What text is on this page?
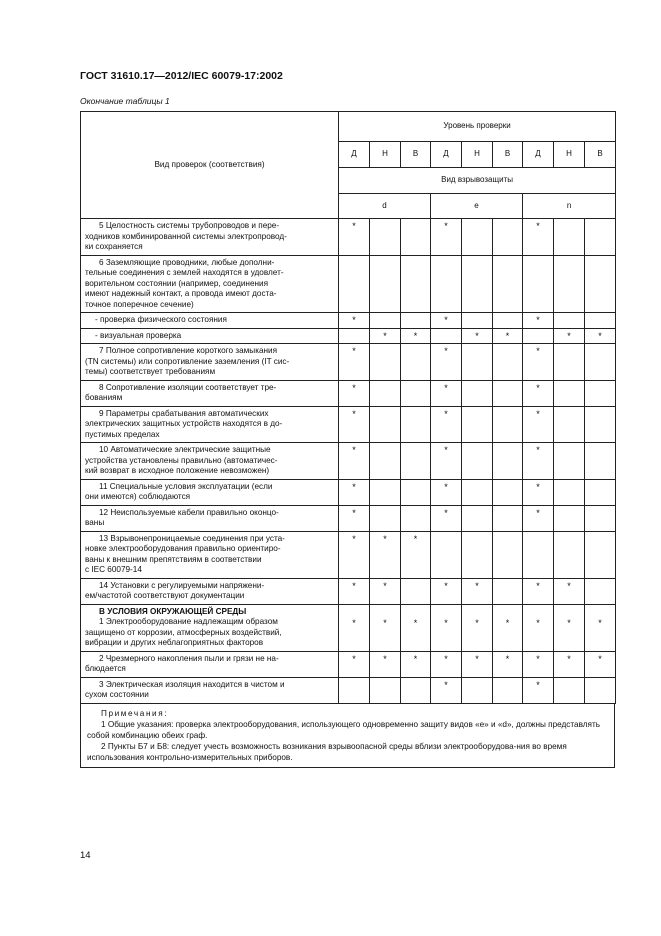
ГОСТ 31610.17—2012/IEC 60079-17:2002
Окончание таблицы 1
Вид проверок (соответствия)	Уровень проверки								
	Д	Н	В	Д	Н	В	Д	Н	В
	Вид взрывозащиты								
	d			e			n		

5 Целостность системы трубопроводов и пере-
ходников комбинированной системы электропровод-
ки сохраняется	*			*			*		

6 Заземляющие проводники, любые дополни-
тельные соединения с землей находятся в удовлет-
ворительном состоянии (например, соединения
имеют надежный контакт, а провода имеют доста-
точное поперечное сечение)									

- проверка физического состояния	*			*			*		

- визуальная проверка		*	*		*	*		*	*

7 Полное сопротивление короткого замыкания
(TN системы) или сопротивление заземления (IT сис-
темы) соответствует требованиям	*			*			*		

8 Сопротивление изоляции соответствует тре-
бованиям	*			*			*		

9 Параметры срабатывания автоматических
электрических защитных устройств находятся в до-
пустимых пределах	*			*			*		

10 Автоматические электрические защитные
устройства установлены правильно (автоматичес-
кий возврат в исходное положение невозможен)	*			*			*		

11 Специальные условия эксплуатации (если
они имеются) соблюдаются	*			*			*		

12 Неиспользуемые кабели правильно оконцо-
ваны	*			*			*		

13 Взрывонепроницаемые соединения при уста-
новке электрооборудования правильно ориентиро-
ваны к внешним препятствиям в соответствии
с IEC 60079-14	*	*	*						

14 Установки с регулируемыми напряжени-
ем/частотой соответствуют документации	*	*		*	*		*	*	

В УСЛОВИЯ ОКРУЖАЮЩЕЙ СРЕДЫ
1 Электрооборудование надлежащим образом
защищено от коррозии, атмосферных воздействий,
вибрации и других неблагоприятных факторов	*	*	*	*	*	*	*	*	*

2 Чрезмерного накопления пыли и грязи не на-
блюдается	*	*	*	*	*	*	*	*	*

3 Электрическая изоляция находится в чистом и
сухом состоянии				*			*		
Примечания:
1 Общие указания: проверка электрооборудования, использующего одновременно защиту видов «е» и «d», должны представлять собой комбинацию обеих граф.
2 Пункты Б7 и Б8: следует учесть возможность возникания взрывоопасной среды вблизи электрооборудова-ния во время использования контрольно-измерительных приборов.
14
